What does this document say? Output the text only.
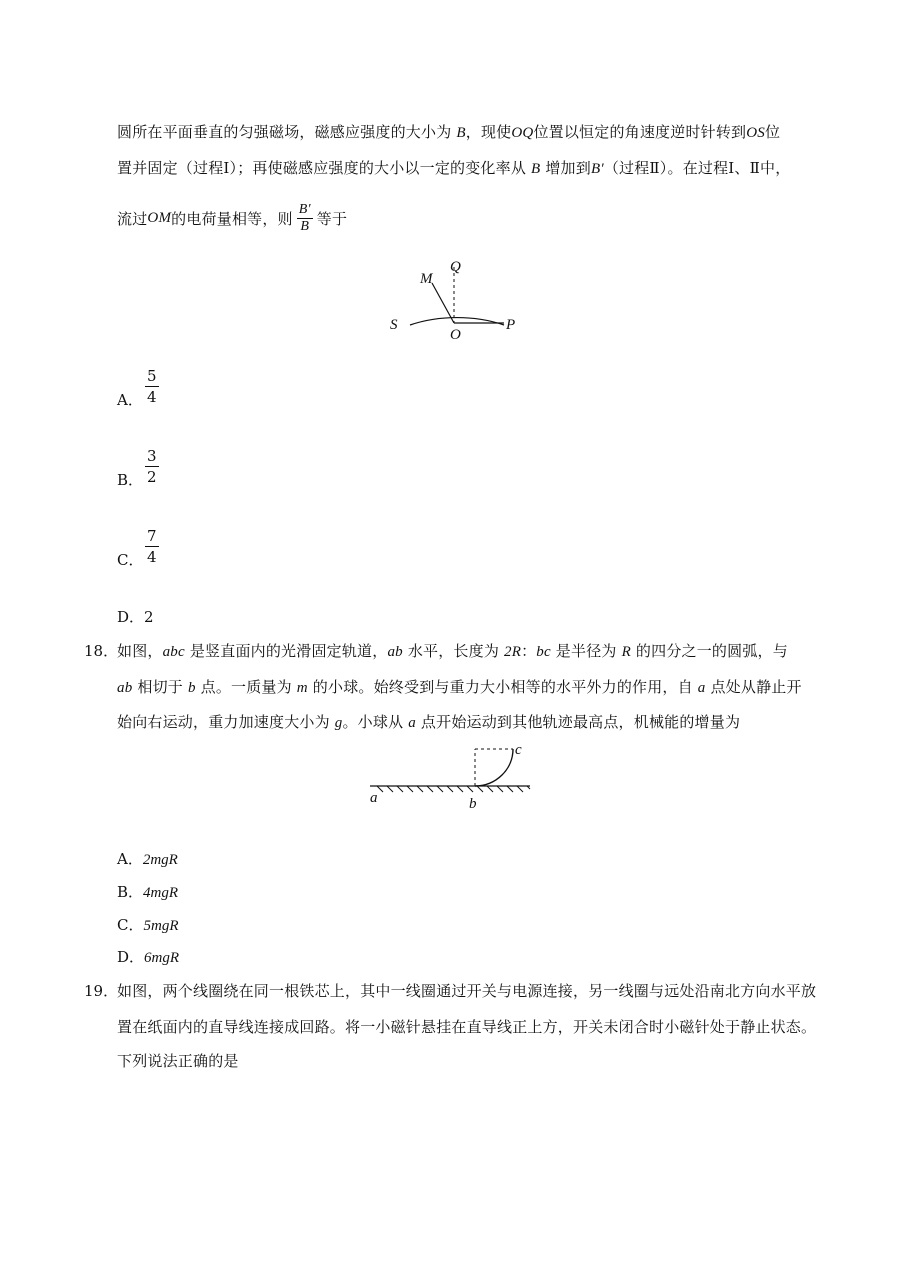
圆所在平面垂直的匀强磁场，磁感应强度的大小为 B，现使OQ位置以恒定的角速度逆时针转到OS位
置并固定（过程Ⅰ）；再使磁感应强度的大小以一定的变化率从 B 增加到B′（过程Ⅱ）。在过程Ⅰ、Ⅱ中，
流过 OM 的电荷量相等，则 $\frac{B'}{B}$ 等于
M
Q
S
O
P
A． $\frac{5}{4}$
B． $\frac{3}{2}$
C． $\frac{7}{4}$
D．2
18．
如图，abc 是竖直面内的光滑固定轨道，ab 水平，长度为 2R：bc 是半径为 R 的四分之一的圆弧，与
ab 相切于 b 点。一质量为 m 的小球。始终受到与重力大小相等的水平外力的作用，自 a 点处从静止开
始向右运动，重力加速度大小为 g。小球从 a 点开始运动到其他轨迹最高点，机械能的增量为
a	b
c
A．2mgR
B．4mgR
C．5mgR
D．6mgR
19．
如图，两个线圈绕在同一根铁芯上，其中一线圈通过开关与电源连接，另一线圈与远处沿南北方向水平放
置在纸面内的直导线连接成回路。将一小磁针悬挂在直导线正上方，开关未闭合时小磁针处于静止状态。
下列说法正确的是
